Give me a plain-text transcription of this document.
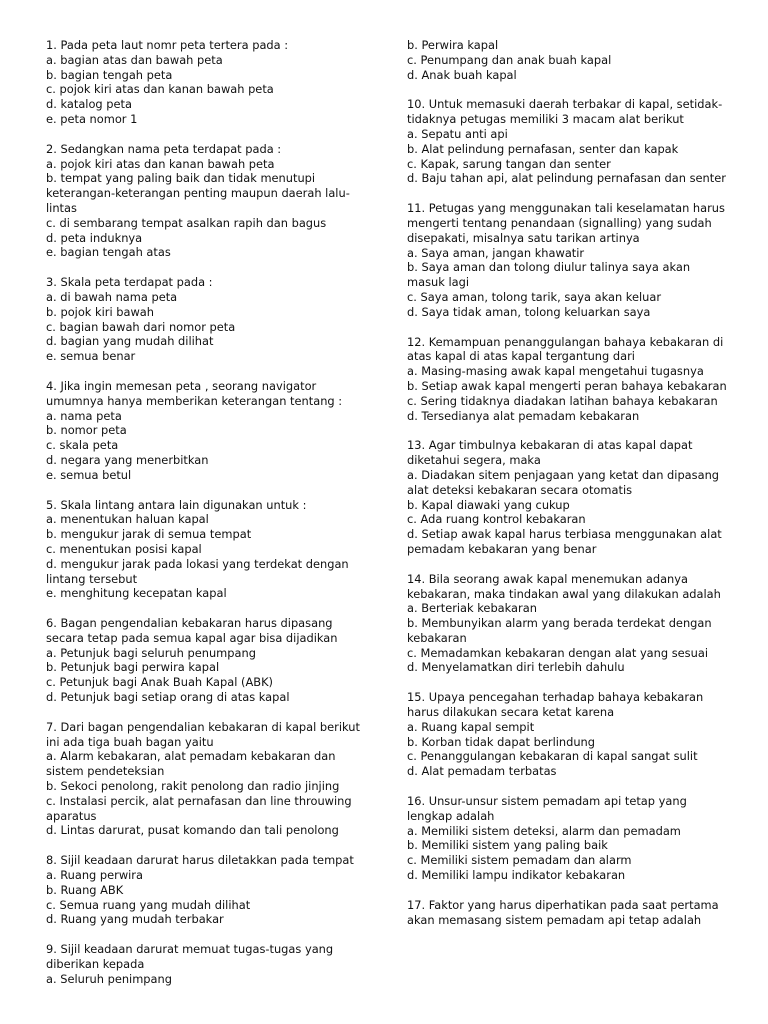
1. Pada peta laut nomr peta tertera pada :

a. bagian atas dan bawah peta

b. bagian tengah peta

c. pojok kiri atas dan kanan bawah peta

d. katalog peta

e. peta nomor 1

2. Sedangkan nama peta terdapat pada :

a. pojok kiri atas dan kanan bawah peta

b. tempat yang paling baik dan tidak menutupi keterangan-keterangan penting maupun daerah lalu-lintas

c. di sembarang tempat asalkan rapih dan bagus

d. peta induknya

e. bagian tengah atas

3. Skala peta terdapat pada :

a. di bawah nama peta

b. pojok kiri bawah

c. bagian bawah dari nomor peta

d. bagian yang mudah dilihat

e. semua benar

4. Jika ingin memesan peta , seorang navigator umumnya hanya memberikan keterangan tentang :

a. nama peta

b. nomor peta

c. skala peta

d. negara yang menerbitkan

e. semua betul

5. Skala lintang antara lain digunakan untuk :

a. menentukan haluan kapal

b. mengukur jarak di semua tempat

c. menentukan posisi kapal

d. mengukur jarak pada lokasi yang terdekat dengan lintang tersebut

e. menghitung kecepatan kapal

6. Bagan pengendalian kebakaran harus dipasang secara tetap pada semua kapal agar bisa dijadikan

a. Petunjuk bagi seluruh penumpang

b. Petunjuk bagi perwira kapal

c. Petunjuk bagi Anak Buah Kapal (ABK)

d. Petunjuk bagi setiap orang di atas kapal

7. Dari bagan pengendalian kebakaran di kapal berikut ini ada tiga buah bagan yaitu

a. Alarm kebakaran, alat pemadam kebakaran dan sistem pendeteksian

b. Sekoci penolong, rakit penolong dan radio jinjing

c. Instalasi percik, alat pernafasan dan line throuwing aparatus

d. Lintas darurat, pusat komando dan tali penolong

8. Sijil keadaan darurat harus diletakkan pada tempat

a. Ruang perwira

b. Ruang ABK

c. Semua ruang yang mudah dilihat

d. Ruang yang mudah terbakar

9. Sijil keadaan darurat memuat tugas-tugas yang diberikan kepada

a. Seluruh penimpang

b. Perwira kapal

c. Penumpang dan anak buah kapal

d. Anak buah kapal

10. Untuk memasuki daerah terbakar di kapal, setidak-tidaknya petugas memiliki 3 macam alat berikut

a. Sepatu anti api

b. Alat pelindung pernafasan, senter dan kapak

c. Kapak, sarung tangan dan senter

d. Baju tahan api, alat pelindung pernafasan dan senter

11. Petugas yang menggunakan tali keselamatan harus mengerti tentang penandaan (signalling) yang sudah disepakati, misalnya satu tarikan artinya

a. Saya aman, jangan khawatir

b. Saya aman dan tolong diulur talinya saya akan masuk lagi

c. Saya aman, tolong tarik, saya akan keluar

d. Saya tidak aman, tolong keluarkan saya

12. Kemampuan penanggulangan bahaya kebakaran di atas kapal di atas kapal tergantung dari

a. Masing-masing awak kapal mengetahui tugasnya

b. Setiap awak kapal mengerti peran bahaya kebakaran

c. Sering tidaknya diadakan latihan bahaya kebakaran

d. Tersedianya alat pemadam kebakaran

13. Agar timbulnya kebakaran di atas kapal dapat diketahui segera, maka

a. Diadakan sitem penjagaan yang ketat dan dipasang alat deteksi kebakaran secara otomatis

b. Kapal diawaki yang cukup

c. Ada ruang kontrol kebakaran

d. Setiap awak kapal harus terbiasa menggunakan alat pemadam kebakaran yang benar

14. Bila seorang awak kapal menemukan adanya kebakaran, maka tindakan awal yang dilakukan adalah

a. Berteriak kebakaran

b. Membunyikan alarm yang berada terdekat dengan kebakaran

c. Memadamkan kebakaran dengan alat yang sesuai

d. Menyelamatkan diri terlebih dahulu

15. Upaya pencegahan terhadap bahaya kebakaran harus dilakukan secara ketat karena

a. Ruang kapal sempit

b. Korban tidak dapat berlindung

c. Penanggulangan kebakaran di kapal sangat sulit

d. Alat pemadam terbatas

16. Unsur-unsur sistem pemadam api tetap yang lengkap adalah

a. Memiliki sistem deteksi, alarm dan pemadam

b. Memiliki sistem yang paling baik

c. Memiliki sistem pemadam dan alarm

d. Memiliki lampu indikator kebakaran

17. Faktor yang harus diperhatikan pada saat pertama akan memasang sistem pemadam api tetap adalah
